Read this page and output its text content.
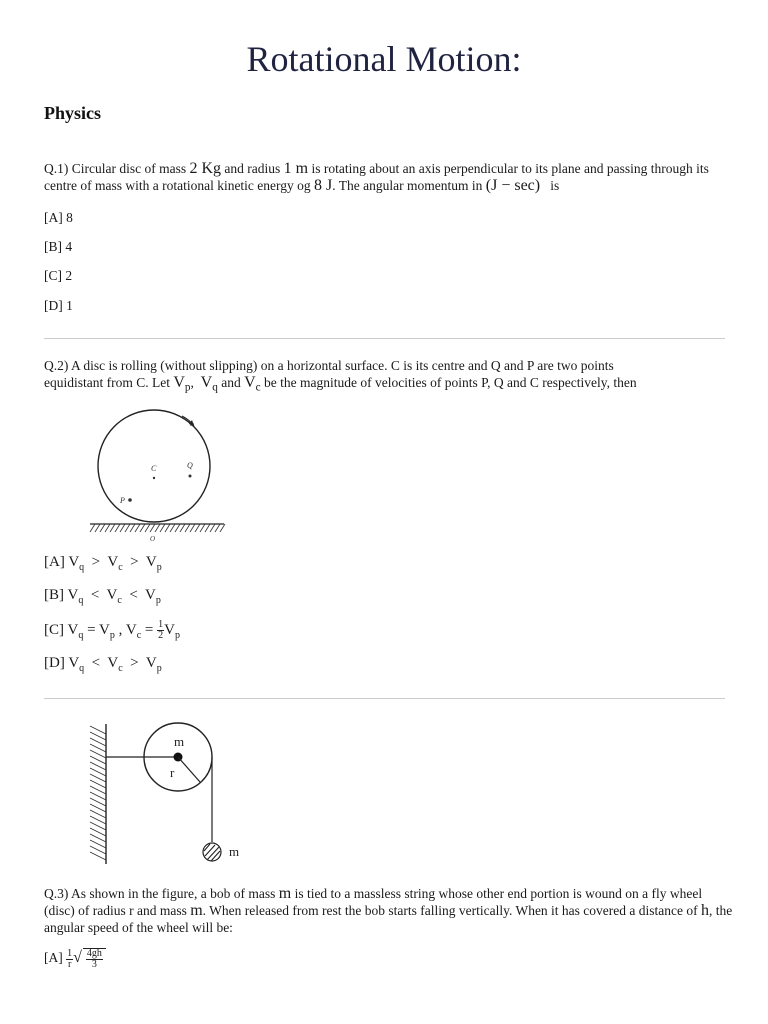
Rotational Motion:
Physics
Q.1) Circular disc of mass 2 Kg and radius 1 m is rotating about an axis perpendicular to its plane and passing through its centre of mass with a rotational kinetic energy og 8 J. The angular momentum in (J − sec) is
[A] 8
[B] 4
[C] 2
[D] 1
Q.2) A disc is rolling (without slipping) on a horizontal surface. C is its centre and Q and P are two points
equidistant from C. Let $V_p$, $V_q$ and $V_c$ be the magnitude of velocities of points P, Q and C respectively, then
ω
C	Q
P
O
[A] $V_q > V_c > V_p$
[B] $V_q < V_c < V_p$
[C] $V_q = V_p$ , $V_c = \frac{1}{2} V_p$
[D] $V_q < V_c > V_p$
m
r
m
Q.3) As shown in the figure, a bob of mass m is tied to a massless string whose other end portion is wound on a fly wheel (disc) of radius r and mass m. When released from rest the bob starts falling vertically. When it has covered a distance of h, the angular speed of the wheel will be:
$[A] \frac{1}{r}$ √ $\frac{4gh}{3}$
